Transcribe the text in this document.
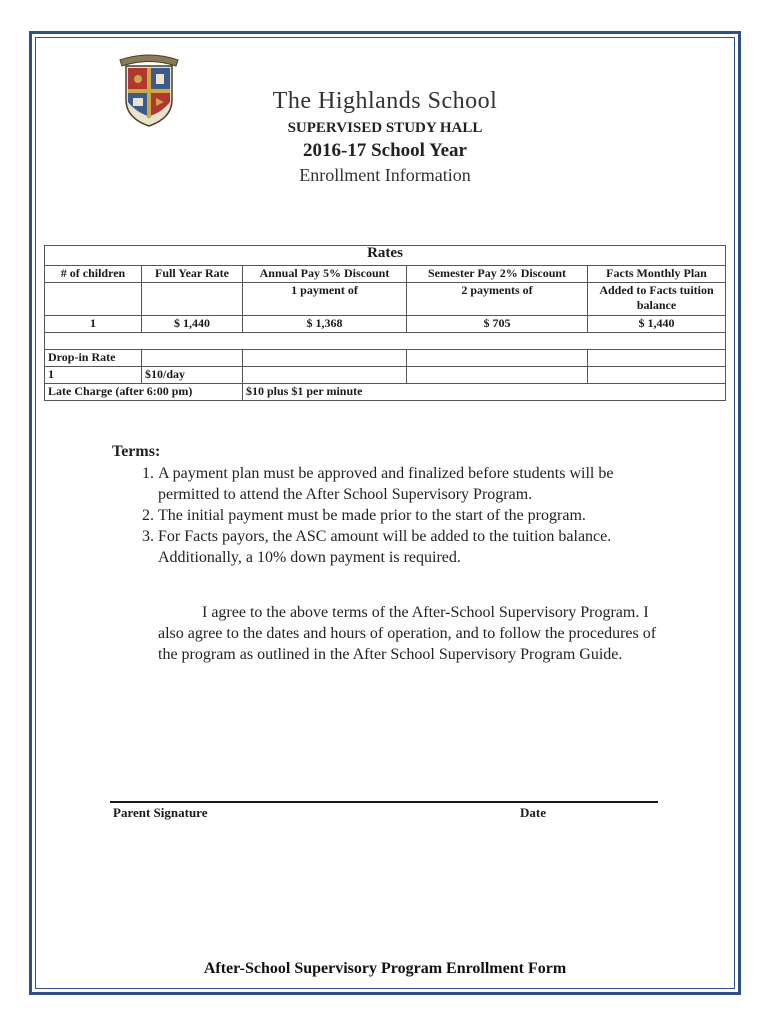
The Highlands School
SUPERVISED STUDY HALL
2016-17 School Year
Enrollment Information
Rates				
# of children	Full Year Rate	Annual Pay 5% Discount	Semester Pay 2% Discount	Facts Monthly Plan
		1 payment of	2 payments of	Added to Facts tuition balance
1	$ 1,440	$ 1,368	$ 705	$ 1,440

Drop-in Rate				
1	$10/day			
Late Charge (after 6:00 pm)		$10 plus $1 per minute		
Terms:
1. A payment plan must be approved and finalized before students will be permitted to attend the After School Supervisory Program.
2. The initial payment must be made prior to the start of the program.
3. For Facts payors, the ASC amount will be added to the tuition balance. Additionally, a 10% down payment is required.
I agree to the above terms of the After-School Supervisory Program. I also agree to the dates and hours of operation, and to follow the procedures of the program as outlined in the After School Supervisory Program Guide.
Parent Signature	Date
After-School Supervisory Program Enrollment Form
